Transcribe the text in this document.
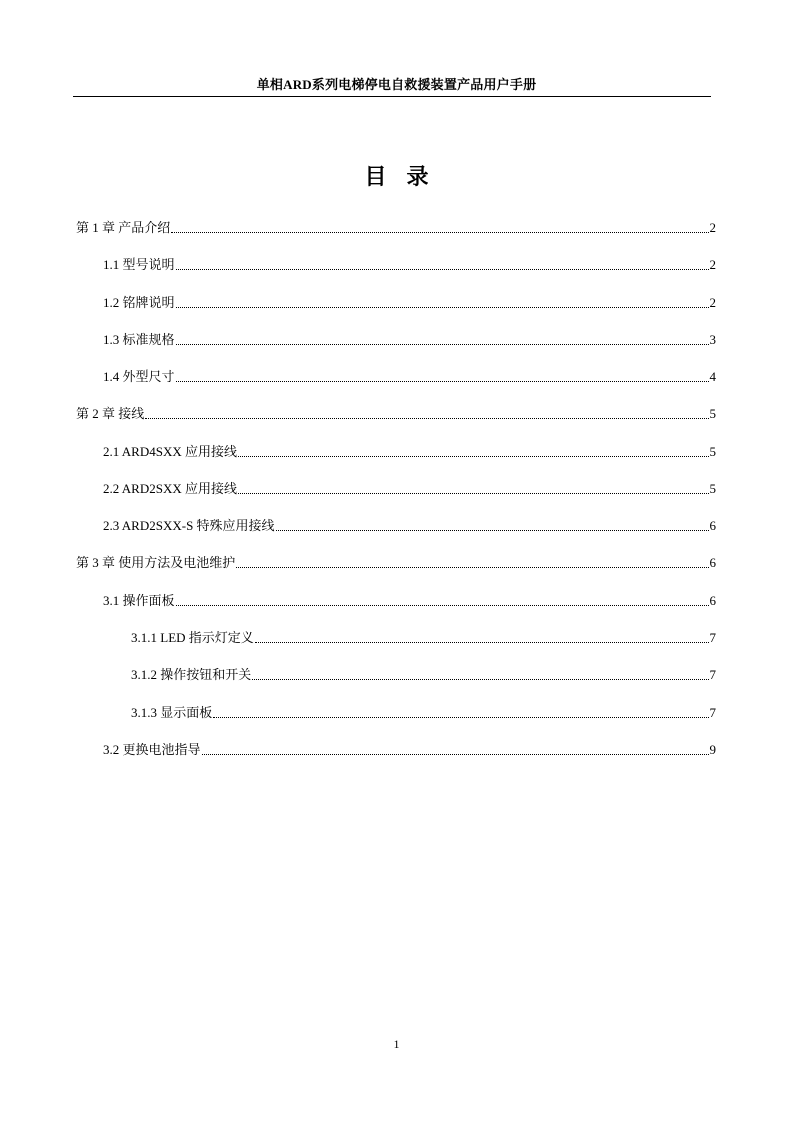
单相ARD系列电梯停电自救援装置产品用户手册
目录
第 1 章 产品介绍	2
1.1 型号说明	2
1.2 铭牌说明	2
1.3 标准规格	3
1.4 外型尺寸	4
第 2 章 接线	5
2.1 ARD4SXX 应用接线	5
2.2 ARD2SXX 应用接线	5
2.3 ARD2SXX-S 特殊应用接线	6
第 3 章 使用方法及电池维护	6
3.1 操作面板	6
3.1.1 LED 指示灯定义	7
3.1.2 操作按钮和开关	7
3.1.3 显示面板	7
3.2 更换电池指导	9
1
